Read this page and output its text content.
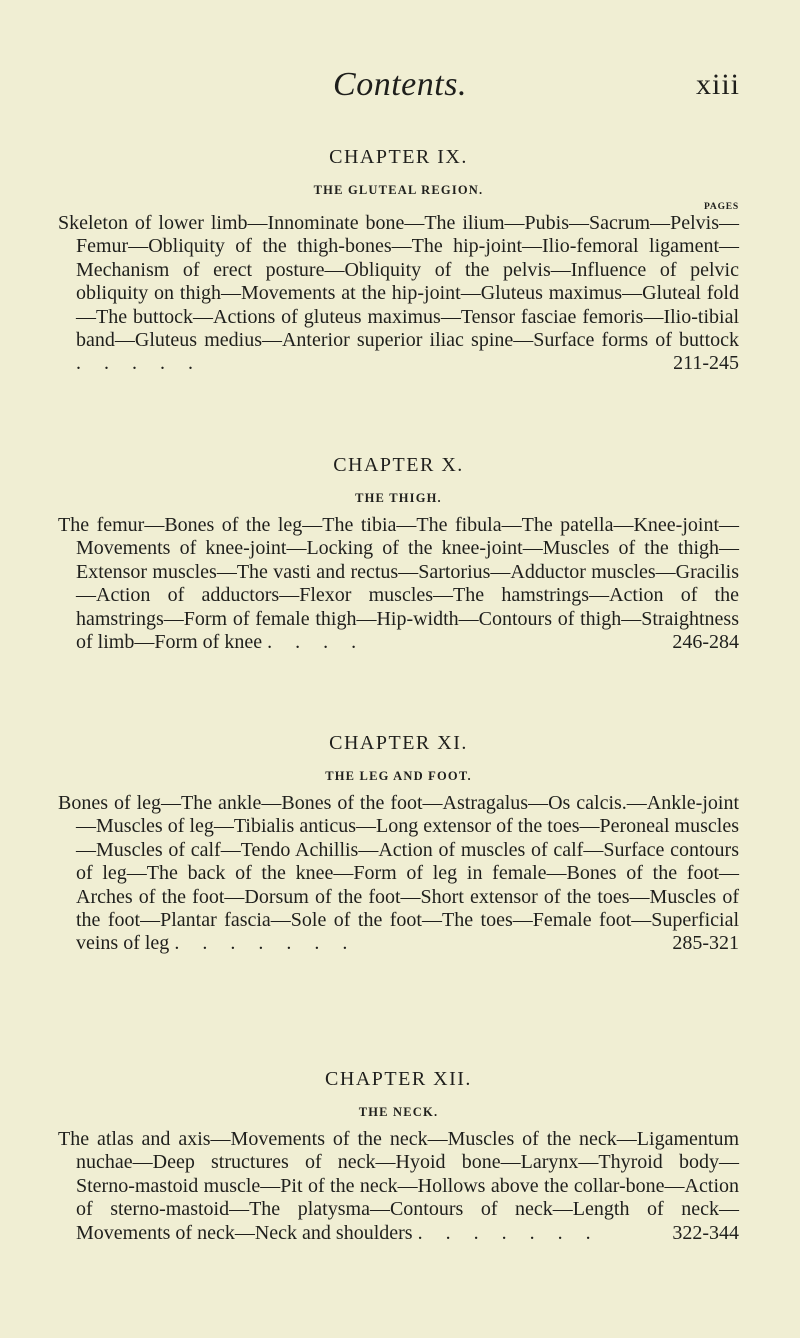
Contents.	xiii
CHAPTER IX.
THE GLUTEAL REGION.
PAGES
Skeleton of lower limb—Innominate bone—The ilium—Pubis—Sacrum—Pelvis—Femur—Obliquity of the thigh-bones—The hip-joint—Ilio-femoral ligament—Mechanism of erect posture—Obliquity of the pelvis—Influence of pelvic obliquity on thigh—Movements at the hip-joint—Gluteus maximus—Gluteal fold—The buttock—Actions of gluteus maximus—Tensor fasciae femoris—Ilio-tibial band—Gluteus medius—Anterior superior iliac spine—Surface forms of buttock . . . . .	211-245
CHAPTER X.
THE THIGH.
The femur—Bones of the leg—The tibia—The fibula—The patella—Knee-joint—Movements of knee-joint—Locking of the knee-joint—Muscles of the thigh—Extensor muscles—The vasti and rectus—Sartorius—Adductor muscles—Gracilis—Action of adductors—Flexor muscles—The hamstrings—Action of the hamstrings—Form of female thigh—Hip-width—Contours of thigh—Straightness of limb—Form of knee . . . .	246-284
CHAPTER XI.
THE LEG AND FOOT.
Bones of leg—The ankle—Bones of the foot—Astragalus—Os calcis.—Ankle-joint—Muscles of leg—Tibialis anticus—Long extensor of the toes—Peroneal muscles—Muscles of calf—Tendo Achillis—Action of muscles of calf—Surface contours of leg—The back of the knee—Form of leg in female—Bones of the foot—Arches of the foot—Dorsum of the foot—Short extensor of the toes—Muscles of the foot—Plantar fascia—Sole of the foot—The toes—Female foot—Superficial veins of leg . . . . . . .	285-321
CHAPTER XII.
THE NECK.
The atlas and axis—Movements of the neck—Muscles of the neck—Ligamentum nuchae—Deep structures of neck—Hyoid bone—Larynx—Thyroid body—Sterno-mastoid muscle—Pit of the neck—Hollows above the collar-bone—Action of sterno-mastoid—The platysma—Contours of neck—Length of neck—Movements of neck—Neck and shoulders . . . . . . .	322-344
